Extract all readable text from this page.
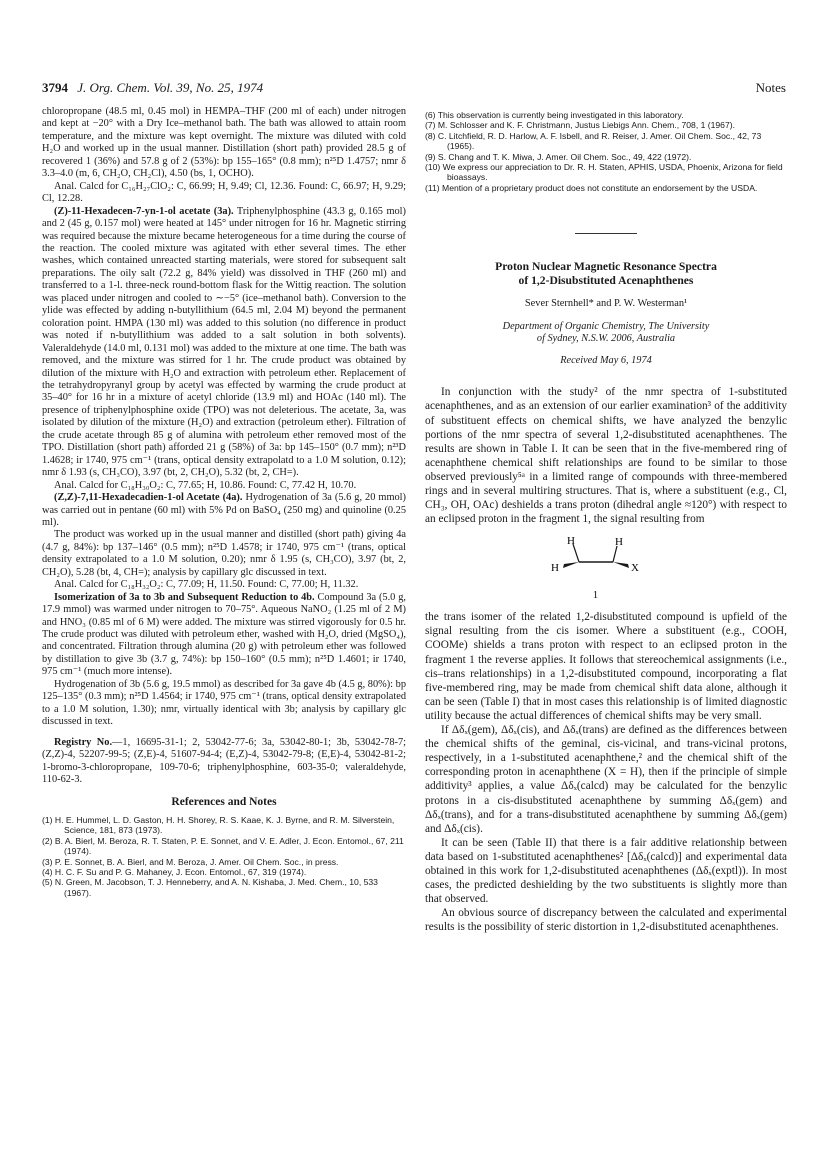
3794 J. Org. Chem. Vol. 39, No. 25, 1974	Notes

chloropropane (48.5 ml, 0.45 mol) in HEMPA–THF (200 ml of each) under nitrogen and kept at −20° with a Dry Ice–methanol bath. The bath was allowed to attain room temperature, and the mixture was kept overnight. The mixture was diluted with cold H₂O and worked up in the usual manner. Distillation (short path) provided 28.5 g of recovered 1 (36%) and 57.8 g of 2 (53%): bp 155–165° (0.8 mm); n²⁵D 1.4757; nmr δ 3.3–4.0 (m, 6, CH₂O, CH₂Cl), 4.50 (bs, 1, OCHO).

Anal. Calcd for C₁₆H₂₇ClO₂: C, 66.99; H, 9.49; Cl, 12.36. Found: C, 66.97; H, 9.29; Cl, 12.28.

(Z)-11-Hexadecen-7-yn-1-ol acetate (3a). Triphenylphosphine (43.3 g, 0.165 mol) and 2 (45 g, 0.157 mol) were heated at 145° under nitrogen for 16 hr. Magnetic stirring was required because the mixture became heterogeneous for a time during the course of the reaction. The cooled mixture was agitated with ether several times. The ether washes, which contained unreacted starting materials, were stored for subsequent salt preparations. The oily salt (72.2 g, 84% yield) was dissolved in THF (260 ml) and transferred to a 1-l. three-neck round-bottom flask for the Wittig reaction. The solution was placed under nitrogen and cooled to ∼−5° (ice–methanol bath). Conversion to the ylide was effected by adding n-butyllithium (64.5 ml, 2.04 M) beyond the permanent coloration point. HMPA (130 ml) was added to this solution (no difference in product was noted if n-butyllithium was added to a salt solution in both solvents). Valeraldehyde (14.0 ml, 0.131 mol) was added to the mixture at one time. The bath was removed, and the mixture was stirred for 1 hr. The crude product was obtained by dilution of the mixture with H₂O and extraction with petroleum ether. Replacement of the tetrahydropyranyl group by acetyl was effected by warming the crude product at 35–40° for 16 hr in a mixture of acetyl chloride (13.9 ml) and HOAc (140 ml). The presence of triphenylphosphine oxide (TPO) was not deleterious. The acetate, 3a, was isolated by dilution of the mixture (H₂O) and extraction (petroleum ether). Filtration of the crude acetate through 85 g of alumina with petroleum ether removed most of the TPO. Distillation (short path) afforded 21 g (58%) of 3a: bp 145–150° (0.7 mm); n²³D 1.4628; ir 1740, 975 cm⁻¹ (trans, optical density extrapolatd to a 1.0 M solution, 0.12); nmr δ 1.93 (s, CH₃CO), 3.97 (bt, 2, CH₂O), 5.32 (bt, 2, CH=).

Anal. Calcd for C₁₈H₃₀O₂: C, 77.65; H, 10.86. Found: C, 77.42 H, 10.70.

(Z,Z)-7,11-Hexadecadien-1-ol Acetate (4a). Hydrogenation of 3a (5.6 g, 20 mmol) was carried out in pentane (60 ml) with 5% Pd on BaSO₄ (250 mg) and quinoline (0.25 ml).

The product was worked up in the usual manner and distilled (short path) giving 4a (4.7 g, 84%): bp 137–146° (0.5 mm); n²⁵D 1.4578; ir 1740, 975 cm⁻¹ (trans, optical density extrapolated to a 1.0 M solution, 0.20); nmr δ 1.95 (s, CH₃CO), 3.97 (bt, 2, CH₂O), 5.28 (bt, 4, CH=); analysis by capillary glc discussed in text.

Anal. Calcd for C₁₈H₃₂O₂: C, 77.09; H, 11.50. Found: C, 77.00; H, 11.32.

Isomerization of 3a to 3b and Subsequent Reduction to 4b. Compound 3a (5.0 g, 17.9 mmol) was warmed under nitrogen to 70–75°. Aqueous NaNO₂ (1.25 ml of 2 M) and HNO₃ (0.85 ml of 6 M) were added. The mixture was stirred vigorously for 0.5 hr. The crude product was diluted with petroleum ether, washed with H₂O, dried (MgSO₄), and concentrated. Filtration through alumina (20 g) with petroleum ether was followed by distillation to give 3b (3.7 g, 74%): bp 150–160° (0.5 mm); n²⁵D 1.4601; ir 1740, 975 cm⁻¹ (much more intense).

Hydrogenation of 3b (5.6 g, 19.5 mmol) as described for 3a gave 4b (4.5 g, 80%): bp 125–135° (0.3 mm); n²⁵D 1.4564; ir 1740, 975 cm⁻¹ (trans, optical density extrapolated to a 1.0 M solution, 1.30); nmr, virtually identical with 3b; analysis by capillary glc discussed in text.

Registry No.—1, 16695-31-1; 2, 53042-77-6; 3a, 53042-80-1; 3b, 53042-78-7; (Z,Z)-4, 52207-99-5; (Z,E)-4, 51607-94-4; (E,Z)-4, 53042-79-8; (E,E)-4, 53042-81-2; 1-bromo-3-chloropropane, 109-70-6; triphenylphosphine, 603-35-0; valeraldehyde, 110-62-3.

References and Notes
(1) H. E. Hummel, L. D. Gaston, H. H. Shorey, R. S. Kaae, K. J. Byrne, and R. M. Silverstein, Science, 181, 873 (1973).
(2) B. A. Bierl, M. Beroza, R. T. Staten, P. E. Sonnet, and V. E. Adler, J. Econ. Entomol., 67, 211 (1974).
(3) P. E. Sonnet, B. A. Bierl, and M. Beroza, J. Amer. Oil Chem. Soc., in press.
(4) H. C. F. Su and P. G. Mahaney, J. Econ. Entomol., 67, 319 (1974).
(5) N. Green, M. Jacobson, T. J. Henneberry, and A. N. Kishaba, J. Med. Chem., 10, 533 (1967).
(6) This observation is currently being investigated in this laboratory.
(7) M. Schlosser and K. F. Christmann, Justus Liebigs Ann. Chem., 708, 1 (1967).
(8) C. Litchfield, R. D. Harlow, A. F. Isbell, and R. Reiser, J. Amer. Oil Chem. Soc., 42, 73 (1965).
(9) S. Chang and T. K. Miwa, J. Amer. Oil Chem. Soc., 49, 422 (1972).
(10) We express our appreciation to Dr. R. H. Staten, APHIS, USDA, Phoenix, Arizona for field bioassays.
(11) Mention of a proprietary product does not constitute an endorsement by the USDA.
Proton Nuclear Magnetic Resonance Spectra
of 1,2-Disubstituted Acenaphthenes
Sever Sternhell* and P. W. Westerman¹
Department of Organic Chemistry, The University
of Sydney, N.S.W. 2006, Australia
Received May 6, 1974

In conjunction with the study² of the nmr spectra of 1-substituted acenaphthenes, and as an extension of our earlier examination³ of the additivity of substituent effects on chemical shifts, we have analyzed the benzylic portions of the nmr spectra of several 1,2-disubstituted acenaphthenes. The results are shown in Table I. It can be seen that in the five-membered ring of acenaphthene chemical shift relationships are found to be similar to those observed previously⁵ᵃ in a limited range of compounds with three-membered rings and in several multiring structures. That is, where a substituent (e.g., Cl, CH₃, OH, OAc) deshields a trans proton (dihedral angle ≈120°) with respect to an eclipsed proton in the fragment 1, the signal resulting from

H	H
H	X
1

the trans isomer of the related 1,2-disubstituted compound is upfield of the signal resulting from the cis isomer. Where a substituent (e.g., COOH, COOMe) shields a trans proton with respect to an eclipsed proton in the fragment 1 the reverse applies. It follows that stereochemical assignments (i.e., cis–trans relationships) in a 1,2-disubstituted compound, incorporating a flat five-membered ring, may be made from chemical shift data alone, although it can be seen (Table I) that in most cases this relationship is of limited diagnostic utility because the actual differences of chemical shifts may be very small.

If Δδₓ(gem), Δδₓ(cis), and Δδₓ(trans) are defined as the differences between the chemical shifts of the geminal, cis-vicinal, and trans-vicinal protons, respectively, in a 1-substituted acenaphthene,² and the chemical shift of the corresponding proton in acenaphthene (X = H), then if the principle of simple additivity³ applies, a value Δδₓ(calcd) may be calculated for the benzylic protons in a cis-disubstituted acenaphthene by summing Δδₓ(gem) and Δδₓ(trans), and for a trans-disubstituted acenaphthene by summing Δδₓ(gem) and Δδₓ(cis).

It can be seen (Table II) that there is a fair additive relationship between data based on 1-substituted acenaphthenes² [Δδₓ(calcd)] and experimental data obtained in this work for 1,2-disubstituted acenaphthenes (Δδₓ(exptl)). In most cases, the predicted deshielding by the two substituents is slightly more than that observed.

An obvious source of discrepancy between the calculated and experimental results is the possibility of steric distortion in 1,2-disubstituted acenaphthenes.
